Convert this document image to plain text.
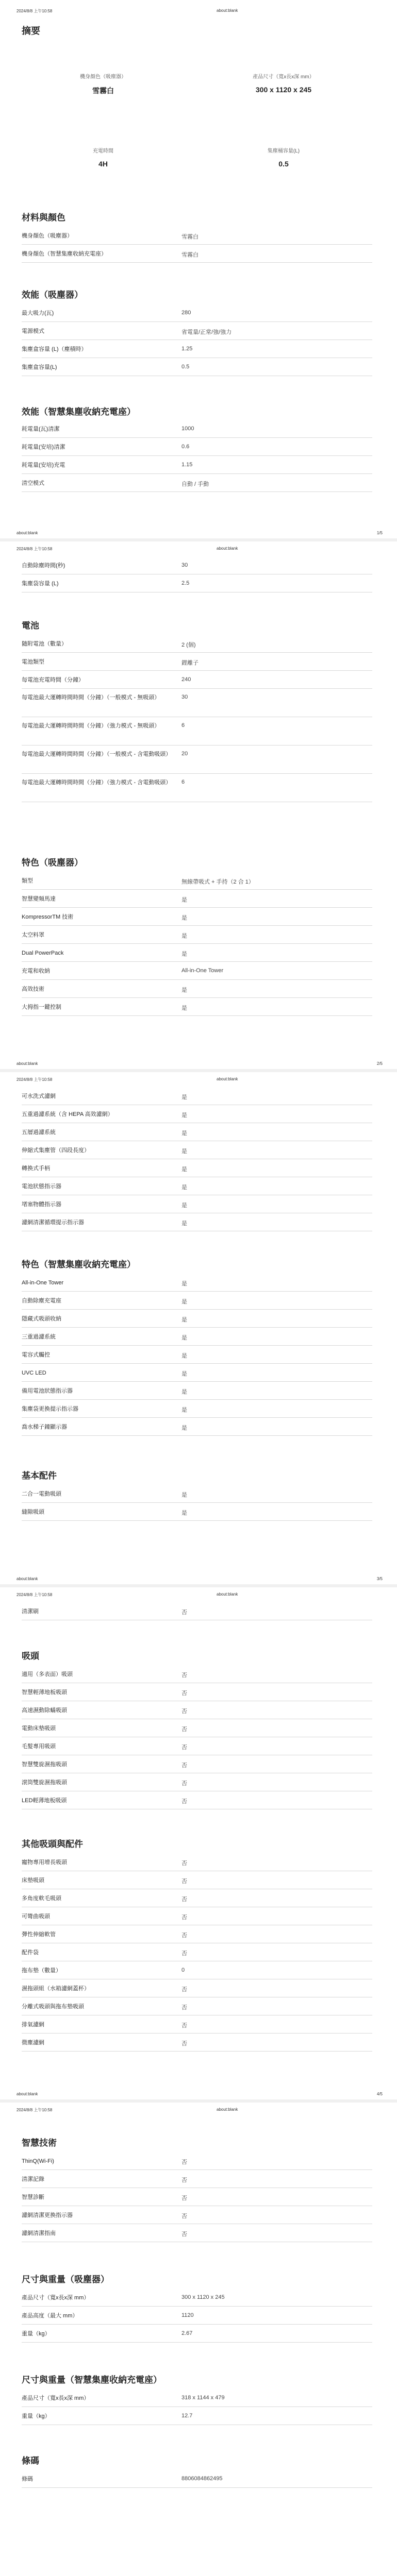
2024/8/8 上午10:58	about:blank
摘要
機身顏色（吸塵器）
雪霧白
產品尺寸（寬x長x深 mm）
300 x 1120 x 245
充電時間
4H
集塵桶容量(L)
0.5
材料與顏色
機身顏色（吸塵器）	雪霧白
機身顏色（智慧集塵收納充電座）	雪霧白
效能（吸塵器）
最大吸力(瓦)	280
電源模式	省電量/正常/強/強力
集塵盒容量 (L)（塵積時）	1.25
集塵盒容量(L)	0.5
效能（智慧集塵收納充電座）
耗電量(瓦)清潔	1000
耗電量(安培)清潔	0.6
耗電量(安培)充電	1.15
清空模式	自動 / 手動
about:blank	1/5
2024/8/8 上午10:58	about:blank
自動除塵時間(秒)	30
集塵袋容量 (L)	2.5
電池
隨附電池（數量）	2 (個)
電池類型	鋰離子
每電池充電時間（分鐘）	240
每電池最大運轉時間時間（分鐘）（一般模式 - 無吸頭）	30
每電池最大運轉時間時間（分鐘）（強力模式 - 無吸頭）	6
每電池最大運轉時間時間（分鐘）（一般模式 - 含電動吸頭）	20
每電池最大運轉時間時間（分鐘）（強力模式 - 含電動吸頭）	6
特色（吸塵器）
類型	無線帶吸式 + 手持（2 合 1）
智慧變頻馬達	是
KompressorTM 技術	是
太空料罩	是
Dual PowerPack	是
充電和收納	All-in-One Tower
高效技術	是
大拇指一鍵控制	是
about:blank	2/5
2024/8/8 上午10:58	about:blank
可水洗式濾網	是
五重過濾系統（含 HEPA 高效濾網）	是
五層過濾系統	是
伸縮式集塵管（四段長度）	是
轉換式手柄	是
電池狀態指示器	是
堵塞物體指示器	是
濾網清潔循環提示指示器	是
特色（智慧集塵收納充電座）
All-in-One Tower	是
自動除塵充電座	是
隱藏式吸頭收納	是
三重過濾系統	是
電容式觸控	是
UVC LED	是
備用電池狀態指示器	是
集塵袋更換提示指示器	是
喬水梯子鐘顯示器	是
基本配件
二合一電動吸頭	是
縫隙吸頭	是
about:blank	3/5
2024/8/8 上午10:58	about:blank
清潔刷	否
吸頭
適用（多表面）吸頭	否
智慧輕薄地板吸頭	否
高速濕動除蟎吸頭	否
電動床墊吸頭	否
毛髮專用吸頭	否
智慧雙旋濕拖吸頭	否
滾筒雙旋濕拖吸頭	否
LED輕薄地板吸頭	否
其他吸頭與配件
寵物專用增長吸頭	否
床墊吸頭	否
多角度軟毛吸頭	否
可彎曲吸頭	否
彈性伸縮軟管	否
配件袋	否
拖布墊（數量）	0
濕拖頭組（水箱濾網蓋杯）	否
分離式吸頭與拖布墊吸頭	否
排氣濾網	否
微塵濾網	否
about:blank	4/5
2024/8/8 上午10:58	about:blank
智慧技術
ThinQ(Wi-Fi)	否
清潔記錄	否
智慧診斷	否
濾網清潔更換指示器	否
濾網清潔指南	否
尺寸與重量（吸塵器）
產品尺寸（寬x長x深 mm）	300 x 1120 x 245
產品高度（最大 mm）	1120
重量（kg）	2.67
尺寸與重量（智慧集塵收納充電座）
產品尺寸（寬x長x深 mm）	318 x 1144 x 479
重量（kg）	12.7
條碼
條碼	8806084862495
